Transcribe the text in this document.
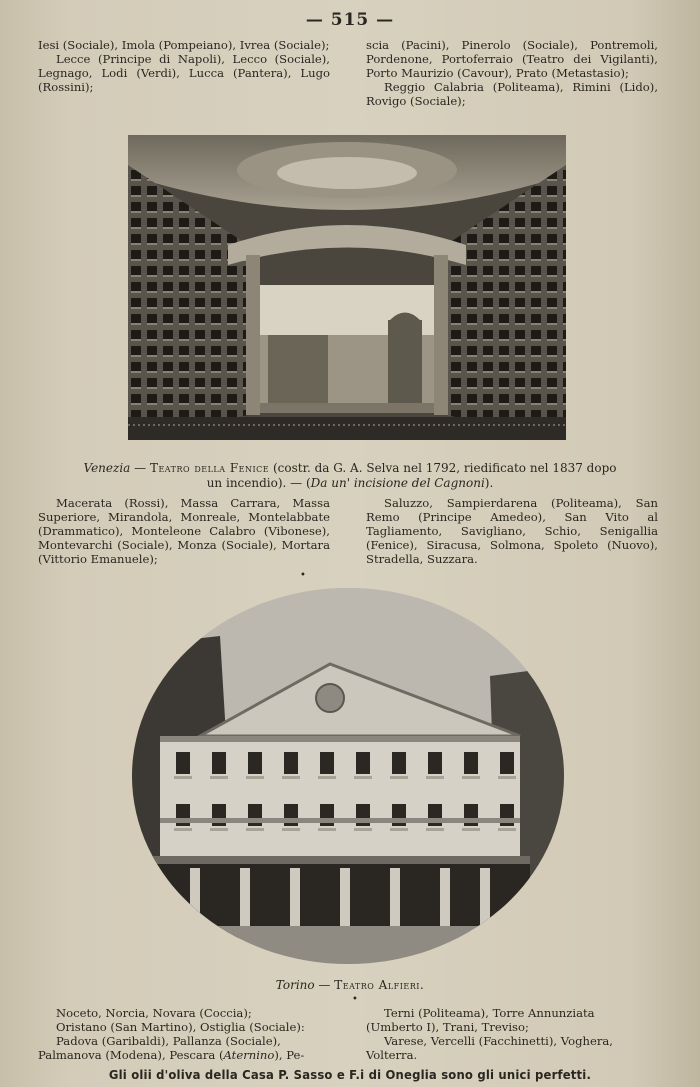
— 515 —

Iesi (Sociale), Imola (Pompeiano), Ivrea (Sociale);

Lecce (Principe di Napoli), Lecco (Sociale), Legnago, Lodi (Verdi), Lucca (Pantera), Lugo (Rossini);

scia (Pacini), Pinerolo (Sociale), Pontremoli, Pordenone, Portoferraio (Teatro dei Vigilanti), Porto Maurizio (Cavour), Prato (Metastasio);

Reggio Calabria (Politeama), Rimini (Lido), Rovigo (Sociale);

Venezia — Teatro della Fenice (costr. da G. A. Selva nel 1792, riedificato nel 1837 dopo un incendio). — (Da un' incisione del Cagnoni).

Macerata (Rossi), Massa Carrara, Massa Superiore, Mirandola, Monreale, Montelabbate (Drammatico), Monteleone Calabro (Vibonese), Montevarchi (Sociale), Monza (Sociale), Mortara (Vittorio Emanuele);

Saluzzo, Sampierdarena (Politeama), San Remo (Principe Amedeo), San Vito al Tagliamento, Savigliano, Schio, Senigallia (Fenice), Siracusa, Solmona, Spoleto (Nuovo), Stradella, Suzzara.

•
Torino — Teatro Alfieri.
•

Noceto, Norcia, Novara (Coccia);

Oristano (San Martino), Ostiglia (Sociale):

Padova (Garibaldi), Pallanza (Sociale),

Palmanova (Modena), Pescara (Aternino), Pe-

Terni (Politeama), Torre Annunziata

(Umberto I), Trani, Treviso;

Varese, Vercelli (Facchinetti), Voghera,

Volterra.

Gli olii d'oliva della Casa P. Sasso e F.i di Oneglia sono gli unici perfetti.
